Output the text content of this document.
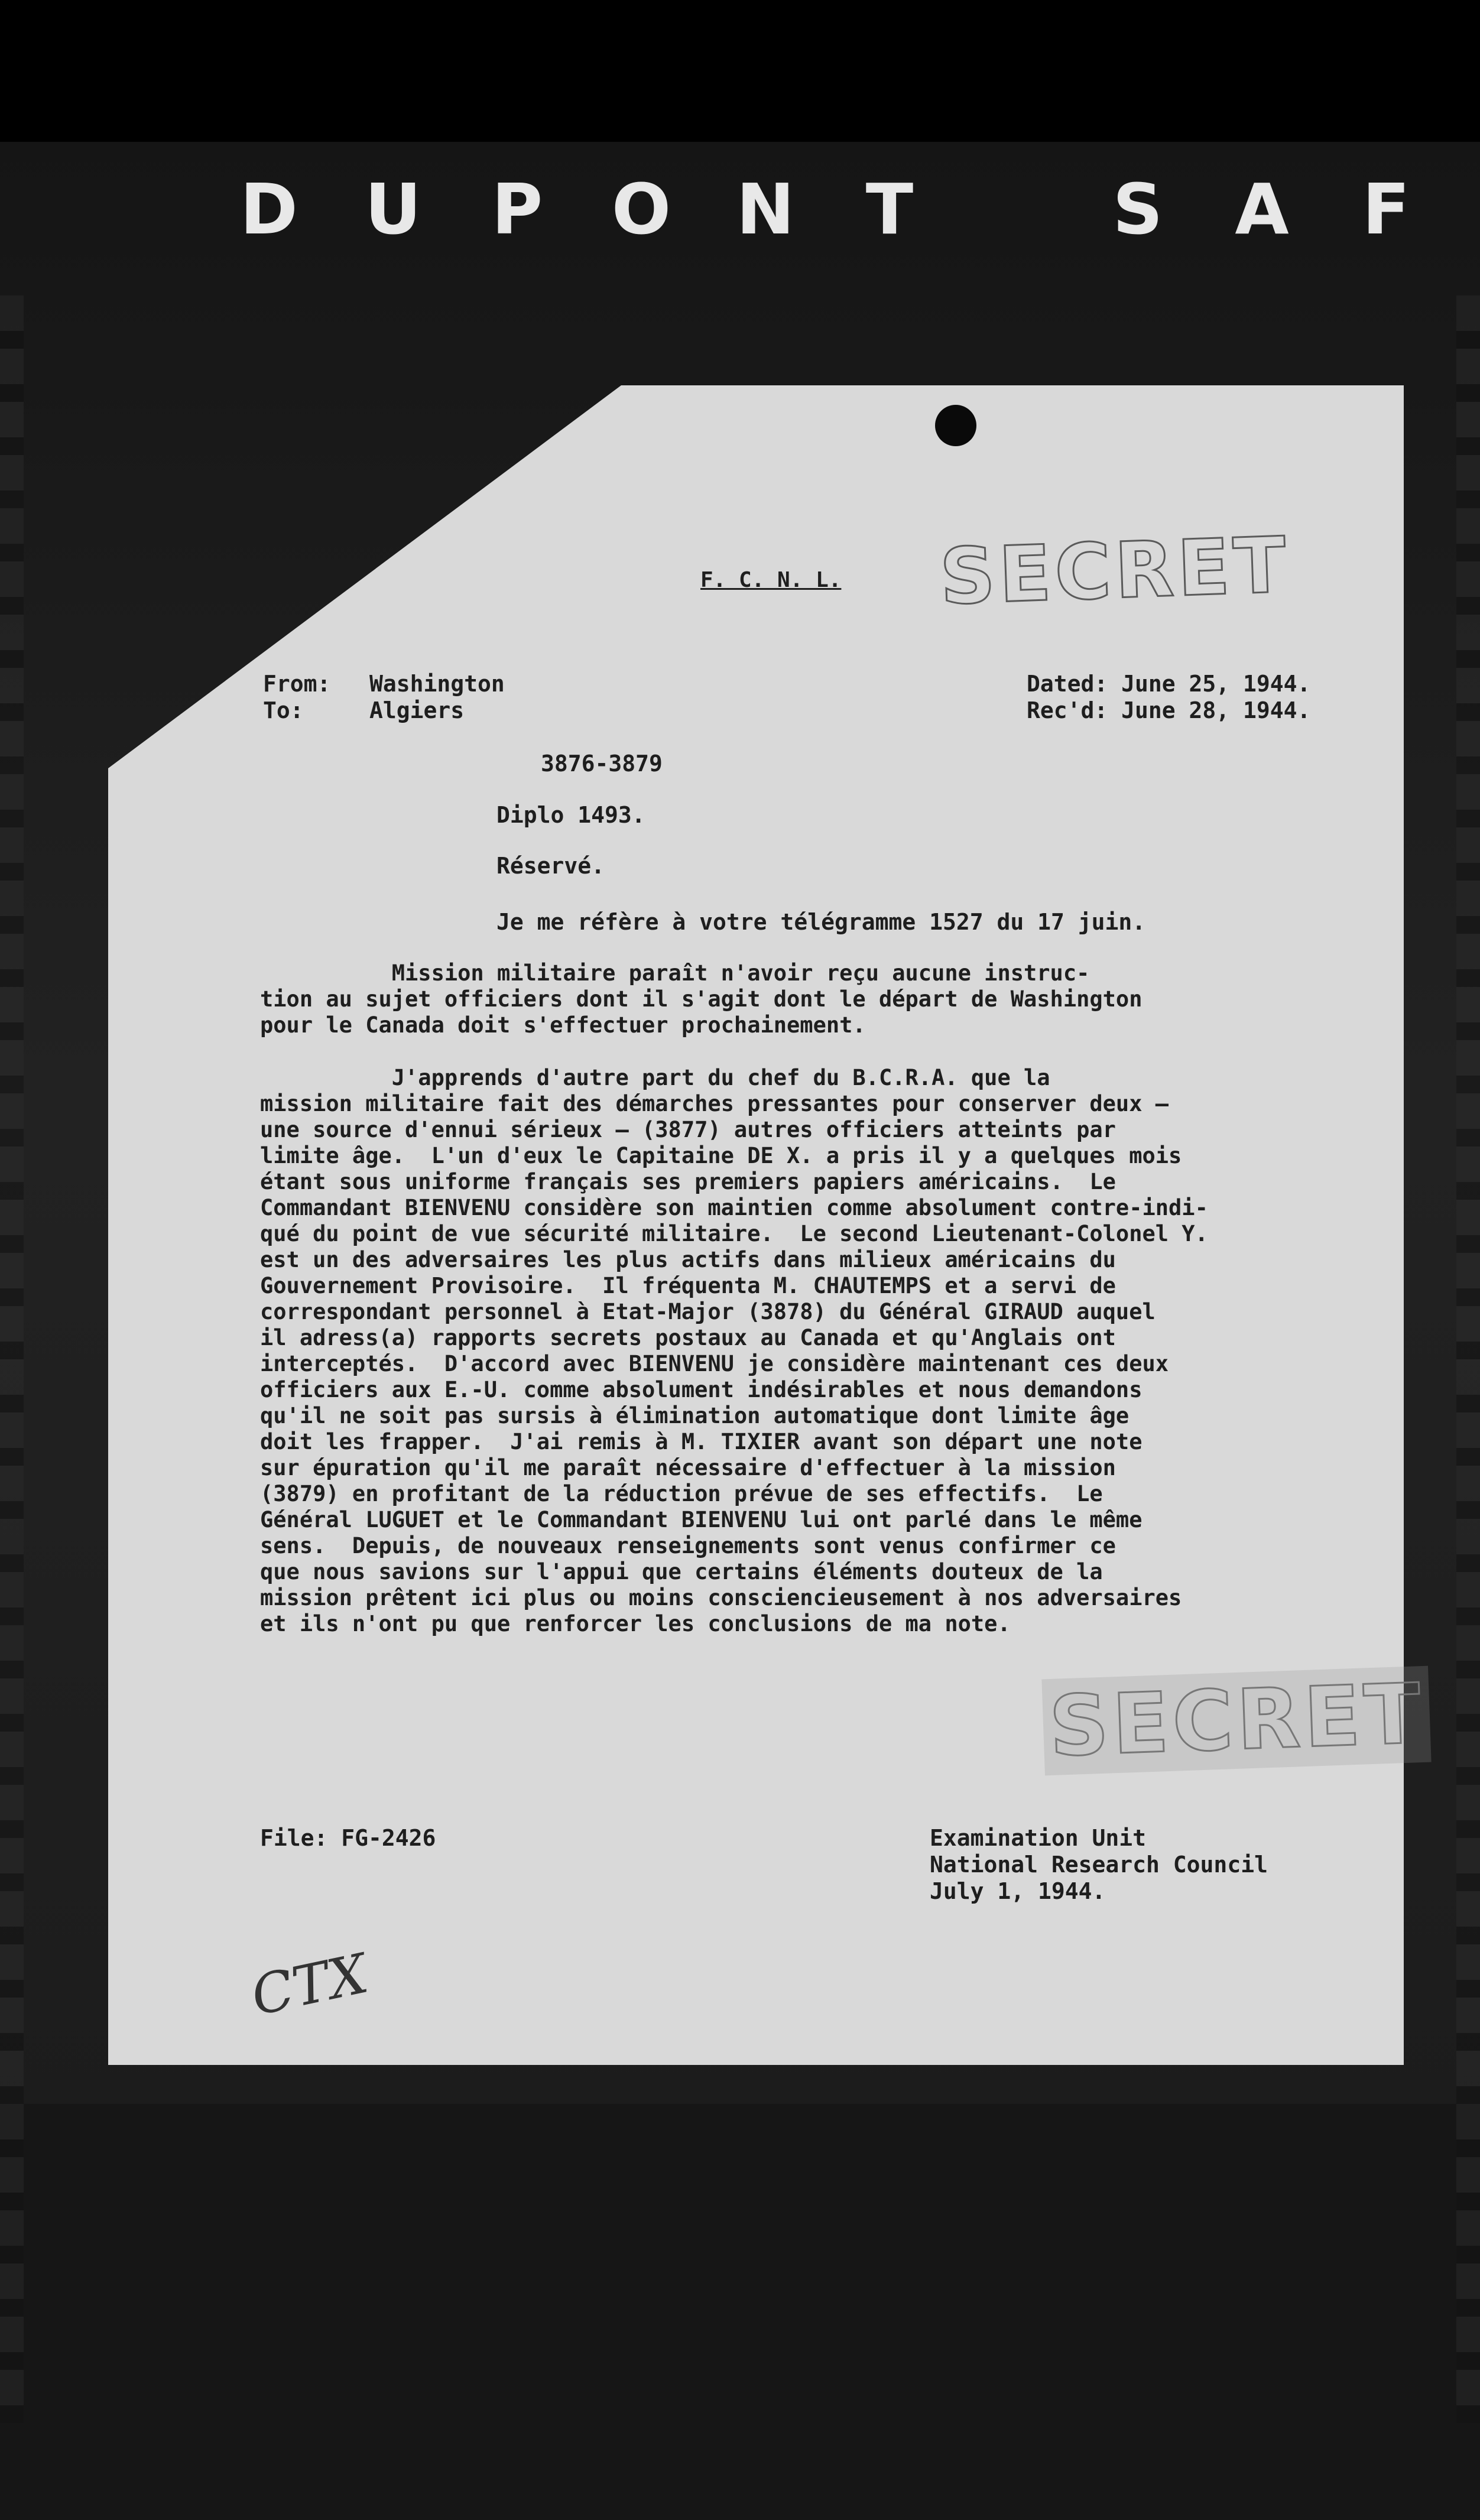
D U	P O N	T	S	A	F
F. C. N. L. SECRET
From: Washington
To:	Algiers
Dated: June 25, 1944.
Rec'd: June 28, 1944.
3876-3879
Diplo 1493.
Réservé.
Je me réfère à votre télégramme 1527 du 17 juin.
Mission militaire paraît n'avoir reçu aucune instruc-
tion au sujet officiers dont il s'agit dont le départ de Washington
pour le Canada doit s'effectuer prochainement.
J'apprends d'autre part du chef du B.C.R.A. que la
mission militaire fait des démarches pressantes pour conserver deux —
une source d'ennui sérieux — (3877) autres officiers atteints par
limite âge.  L'un d'eux le Capitaine DE X. a pris il y a quelques mois
étant sous uniforme français ses premiers papiers américains.  Le
Commandant BIENVENU considère son maintien comme absolument contre-indi-
qué du point de vue sécurité militaire.  Le second Lieutenant-Colonel Y.
est un des adversaires les plus actifs dans milieux américains du
Gouvernement Provisoire.  Il fréquenta M. CHAUTEMPS et a servi de
correspondant personnel à Etat-Major (3878) du Général GIRAUD auquel
il adress(a) rapports secrets postaux au Canada et qu'Anglais ont
interceptés.  D'accord avec BIENVENU je considère maintenant ces deux
officiers aux E.-U. comme absolument indésirables et nous demandons
qu'il ne soit pas sursis à élimination automatique dont limite âge
doit les frapper.  J'ai remis à M. TIXIER avant son départ une note
sur épuration qu'il me paraît nécessaire d'effectuer à la mission
(3879) en profitant de la réduction prévue de ses effectifs.  Le
Général LUGUET et le Commandant BIENVENU lui ont parlé dans le même
sens.  Depuis, de nouveaux renseignements sont venus confirmer ce
que nous savions sur l'appui que certains éléments douteux de la
mission prêtent ici plus ou moins consciencieusement à nos adversaires
et ils n'ont pu que renforcer les conclusions de ma note.
SECRET
File: FG-2426	Examination Unit
National Research Council
July 1, 1944.
CTX
